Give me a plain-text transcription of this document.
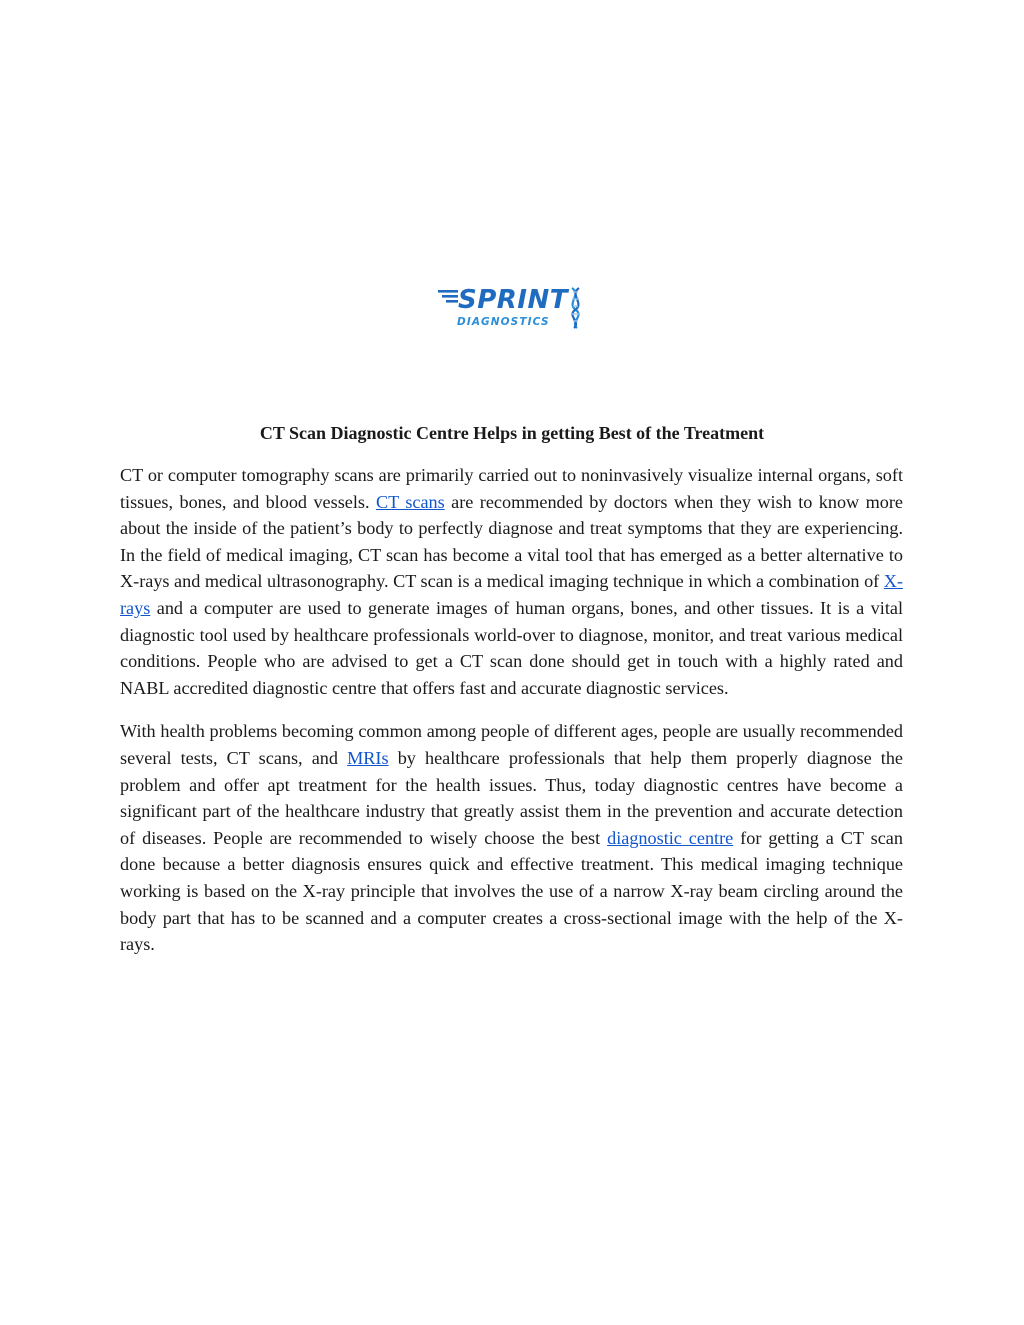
SPRINT
DIAGNOSTICS
CT Scan Diagnostic Centre Helps in getting Best of the Treatment

CT or computer tomography scans are primarily carried out to noninvasively visualize internal organs, soft tissues, bones, and blood vessels. CT scans are recommended by doctors when they wish to know more about the inside of the patient’s body to perfectly diagnose and treat symptoms that they are experiencing. In the field of medical imaging, CT scan has become a vital tool that has emerged as a better alternative to X-rays and medical ultrasonography. CT scan is a medical imaging technique in which a combination of X-rays and a computer are used to generate images of human organs, bones, and other tissues. It is a vital diagnostic tool used by healthcare professionals world-over to diagnose, monitor, and treat various medical conditions. People who are advised to get a CT scan done should get in touch with a highly rated and NABL accredited diagnostic centre that offers fast and accurate diagnostic services.

With health problems becoming common among people of different ages, people are usually recommended several tests, CT scans, and MRIs by healthcare professionals that help them properly diagnose the problem and offer apt treatment for the health issues. Thus, today diagnostic centres have become a significant part of the healthcare industry that greatly assist them in the prevention and accurate detection of diseases. People are recommended to wisely choose the best diagnostic centre for getting a CT scan done because a better diagnosis ensures quick and effective treatment. This medical imaging technique working is based on the X-ray principle that involves the use of a narrow X-ray beam circling around the body part that has to be scanned and a computer creates a cross-sectional image with the help of the X-rays.
